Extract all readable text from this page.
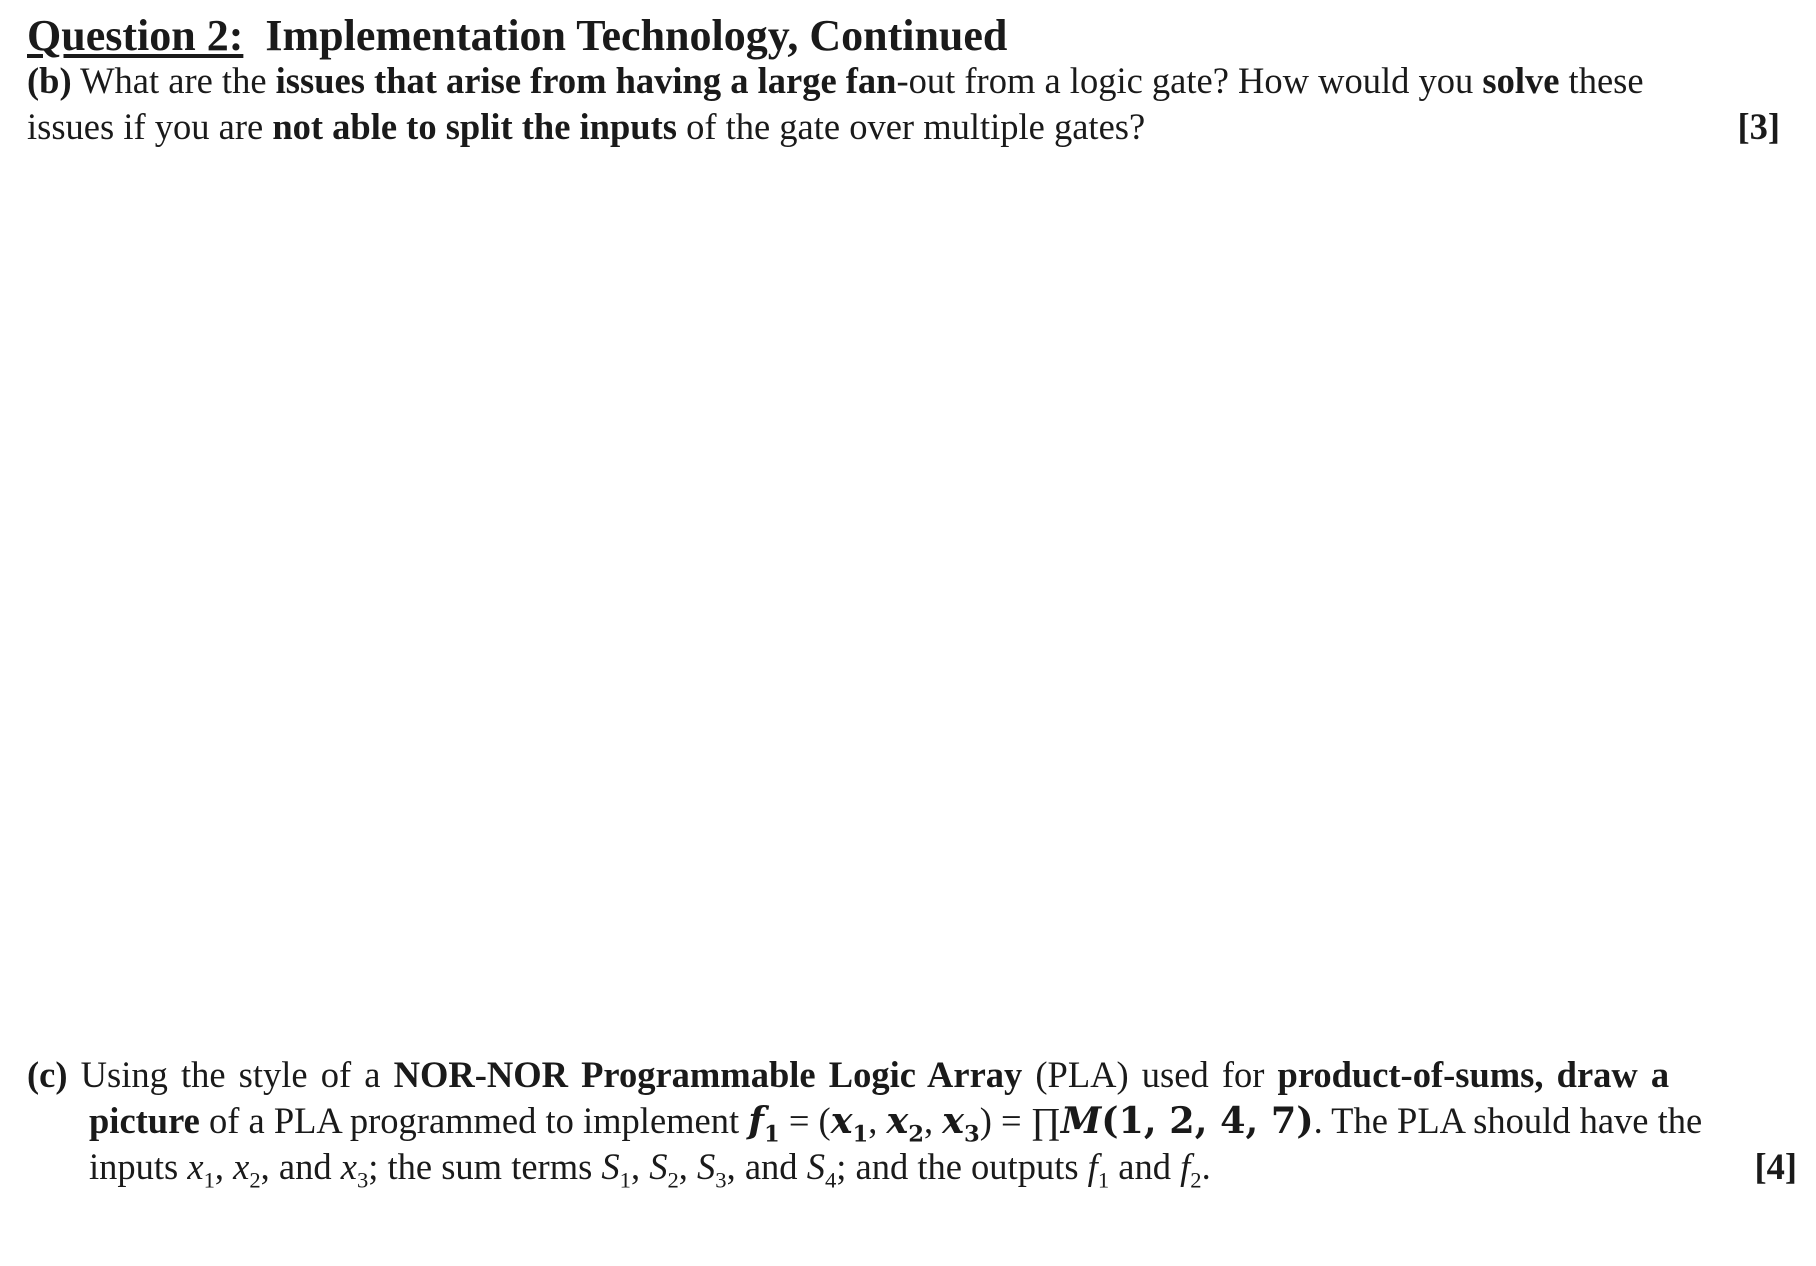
Question 2: Implementation Technology, Continued
(b) What are the issues that arise from having a large fan-out from a logic gate? How would you solve these
issues if you are not able to split the inputs of the gate over multiple gates?	[3]
(c) Using the style of a NOR-NOR Programmable Logic Array (PLA) used for product-of-sums, draw a
picture of a PLA programmed to implement $f_1 = (x_1$, $x_2$, $x_3$) = ∏M(1, 2, 4, 7). The PLA should have the
inputs $x_1$, $x_2$, and $x_3$; the sum terms $S_1$, $S_2$, $S_3$, and $S_4$; and the outputs $f_1$ and $f_2$.	[4]
